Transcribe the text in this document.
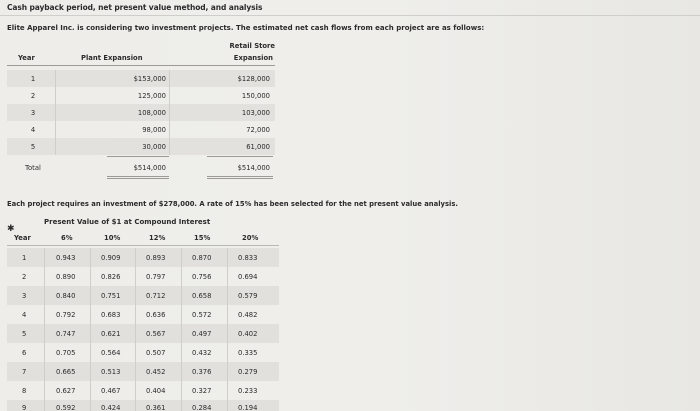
Cash payback period, net present value method, and analysis
Elite Apparel Inc. is considering two investment projects. The estimated net cash flows from each project are as follows:
Retail Store
Year	Plant Expansion	Expansion
1	$153,000	$128,000
2	125,000	150,000
3	108,000	103,000
4	98,000	72,000
5	30,000	61,000
Total	$514,000	$514,000
Each project requires an investment of $278,000. A rate of 15% has been selected for the net present value analysis.
✱
Present Value of $1 at Compound Interest
Year	6%	10%	12%	15%	20%
1	0.943	0.909	0.893	0.870	0.833
2	0.890	0.826	0.797	0.756	0.694
3	0.840	0.751	0.712	0.658	0.579
4	0.792	0.683	0.636	0.572	0.482
5	0.747	0.621	0.567	0.497	0.402
6	0.705	0.564	0.507	0.432	0.335
7	0.665	0.513	0.452	0.376	0.279
8	0.627	0.467	0.404	0.327	0.233
9	0.592	0.424	0.361	0.284	0.194
